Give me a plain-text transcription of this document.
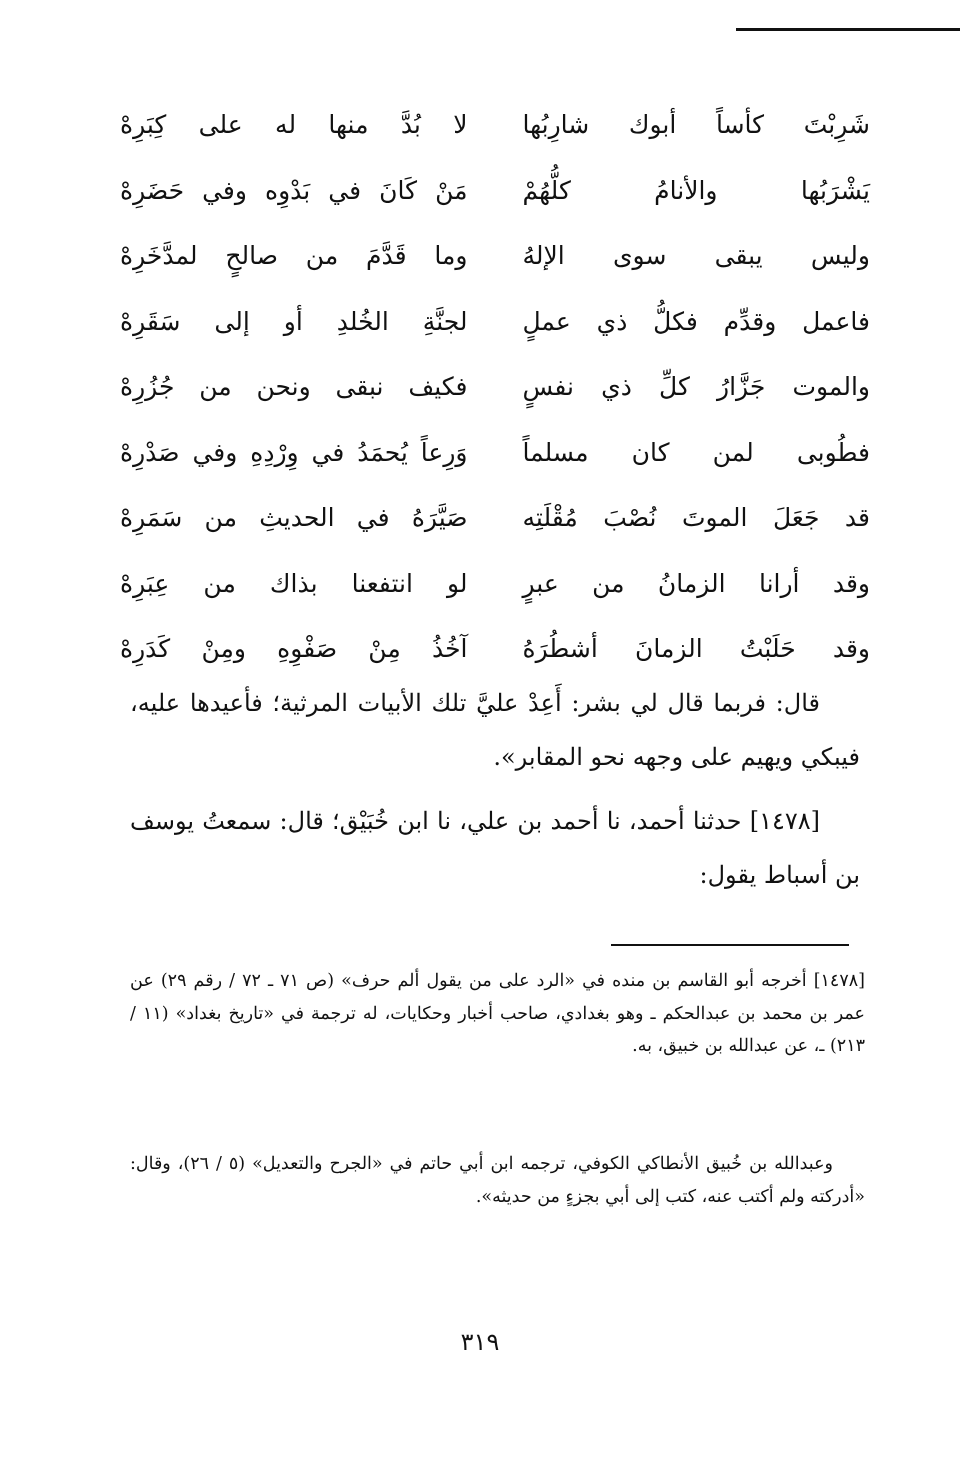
شَرِبْتَ كأساً أبوك شارِبُها
لا بُدَّ منها له على كِبَرِهْ
يَشْرَبُها والأنامُ كلُّهُمْ
مَنْ كَانَ في بَدْوِه وفي حَضَرِهْ
وليس يبقى سوى الإلهُ
وما قَدَّمَ من صالحٍ لمدَّخَرِهْ
فاعمل وقدِّم فكلُّ ذي عملٍ
لجنَّةِ الخُلدِ أو إلى سَقَرِهْ
والموت جَزَّارُ كلِّ ذي نفسٍ
فكيف نبقى ونحن من جُزُرِهْ
فطُوبى لمن كان مسلماً
وَرِعاً يُحمَدُ في وِرْدِهِ وفي صَدْرِهْ
قد جَعَلَ الموتَ نُصْبَ مُقْلَتِه
صَيَّرَهُ في الحديثِ من سَمَرِهْ
وقد أرانا الزمانُ من عبرٍ
لو انتفعنا بذاك من عِبَرِهْ
وقد حَلَبْتُ الزمانَ أشطُرَهُ
آخُذُ مِنْ صَفْوِهِ ومِنْ كَدَرِهْ

قال: فربما قال لي بشر: أَعِدْ عليَّ تلك الأبيات المرثية؛ فأعيدها عليه، فيبكي ويهيم على وجهه نحو المقابر».

[١٤٧٨] حدثنا أحمد، نا أحمد بن علي، نا ابن خُبَيْق؛ قال: سمعتُ يوسف بن أسباط يقول:

[١٤٧٨] أخرجه أبو القاسم بن منده في «الرد على من يقول ألم حرف» (ص ٧١ ـ ٧٢ / رقم ٢٩) عن عمر بن محمد بن عبدالحكم ـ وهو بغدادي، صاحب أخبار وحكايات، له ترجمة في «تاريخ بغداد» (١١ / ٢١٣) ـ، عن عبدالله بن خبيق، به.

وعبدالله بن خُبيق الأنطاكي الكوفي، ترجمه ابن أبي حاتم في «الجرح والتعديل» (٥ / ٢٦)، وقال: «أدركته ولم أكتب عنه، كتب إلى أبي بجزءٍ من حديثه».

٣١٩
